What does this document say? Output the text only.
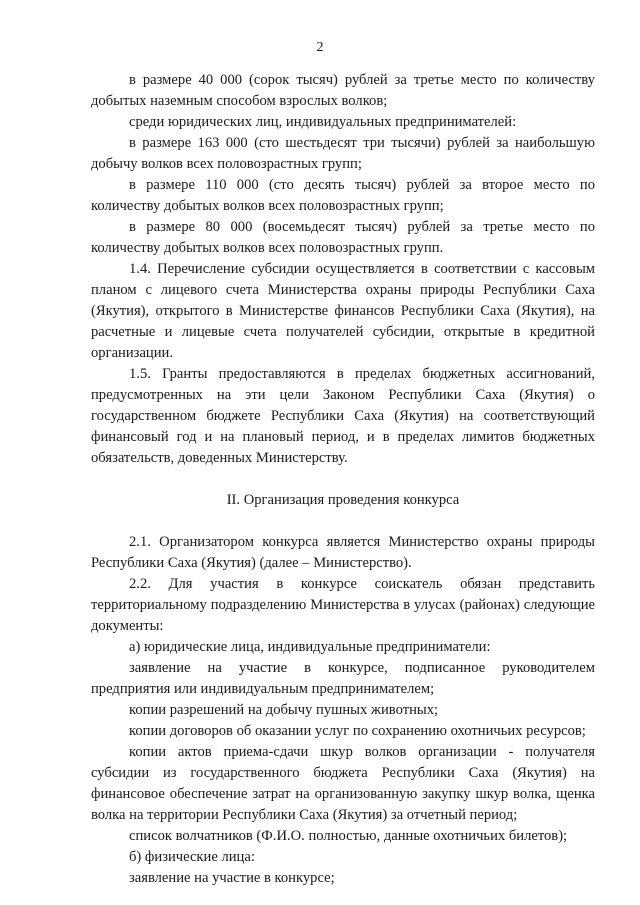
2

в размере 40 000 (сорок тысяч) рублей за третье место по количеству добытых наземным способом взрослых волков;

среди юридических лиц, индивидуальных предпринимателей:

в размере 163 000 (сто шестьдесят три тысячи) рублей за наибольшую добычу волков всех половозрастных групп;

в размере 110 000 (сто десять тысяч) рублей за второе место по количеству добытых волков всех половозрастных групп;

в размере 80 000 (восемьдесят тысяч) рублей за третье место по количеству добытых волков всех половозрастных групп.

1.4. Перечисление субсидии осуществляется в соответствии с кассовым планом с лицевого счета Министерства охраны природы Республики Саха (Якутия), открытого в Министерстве финансов Республики Саха (Якутия), на расчетные и лицевые счета получателей субсидии, открытые в кредитной организации.

1.5. Гранты предоставляются в пределах бюджетных ассигнований, предусмотренных на эти цели Законом Республики Саха (Якутия) о государственном бюджете Республики Саха (Якутия) на соответствующий финансовый год и на плановый период, и в пределах лимитов бюджетных обязательств, доведенных Министерству.

II. Организация проведения конкурса

2.1. Организатором конкурса является Министерство охраны природы Республики Саха (Якутия) (далее – Министерство).

2.2. Для участия в конкурсе соискатель обязан представить территориальному подразделению Министерства в улусах (районах) следующие документы:

а) юридические лица, индивидуальные предприниматели:

заявление на участие в конкурсе, подписанное руководителем предприятия или индивидуальным предпринимателем;

копии разрешений на добычу пушных животных;

копии договоров об оказании услуг по сохранению охотничьих ресурсов;

копии актов приема-сдачи шкур волков организации - получателя субсидии из государственного бюджета Республики Саха (Якутия) на финансовое обеспечение затрат на организованную закупку шкур волка, щенка волка на территории Республики Саха (Якутия) за отчетный период;

список волчатников (Ф.И.О. полностью, данные охотничьих билетов);

б) физические лица:

заявление на участие в конкурсе;
